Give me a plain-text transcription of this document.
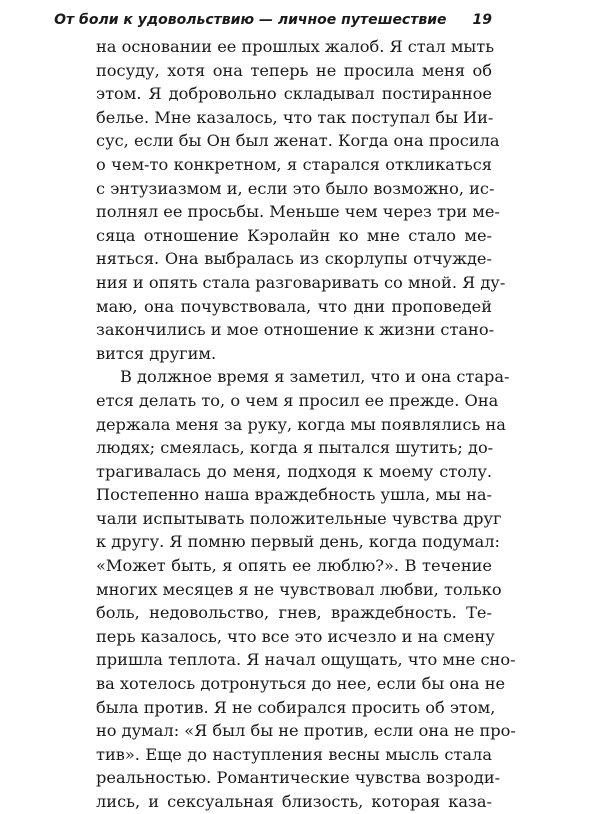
От боли к удовольствию — личное путешествие 19
на основании ее прошлых жалоб. Я стал мыть
посуду, хотя она теперь не просила меня об
этом. Я добровольно складывал постиранное
белье. Мне казалось, что так поступал бы Ии-
сус, если бы Он был женат. Когда она просила
о чем-то конкретном, я старался откликаться
с энтузиазмом и, если это было возможно, ис-
полнял ее просьбы. Меньше чем через три ме-
сяца отношение Кэролайн ко мне стало ме-
няться. Она выбралась из скорлупы отчужде-
ния и опять стала разговаривать со мной. Я ду-
маю, она почувствовала, что дни проповедей
закончились и мое отношение к жизни стано-
вится другим.
В должное время я заметил, что и она стара-
ется делать то, о чем я просил ее прежде. Она
держала меня за руку, когда мы появлялись на
людях; смеялась, когда я пытался шутить; до-
трагивалась до меня, подходя к моему столу.
Постепенно наша враждебность ушла, мы на-
чали испытывать положительные чувства друг
к другу. Я помню первый день, когда подумал:
«Может быть, я опять ее люблю?». В течение
многих месяцев я не чувствовал любви, только
боль, недовольство, гнев, враждебность. Те-
перь казалось, что все это исчезло и на смену
пришла теплота. Я начал ощущать, что мне сно-
ва хотелось дотронуться до нее, если бы она не
была против. Я не собирался просить об этом,
но думал: «Я был бы не против, если она не про-
тив». Еще до наступления весны мысль стала
реальностью. Романтические чувства возроди-
лись, и сексуальная близость, которая каза-
